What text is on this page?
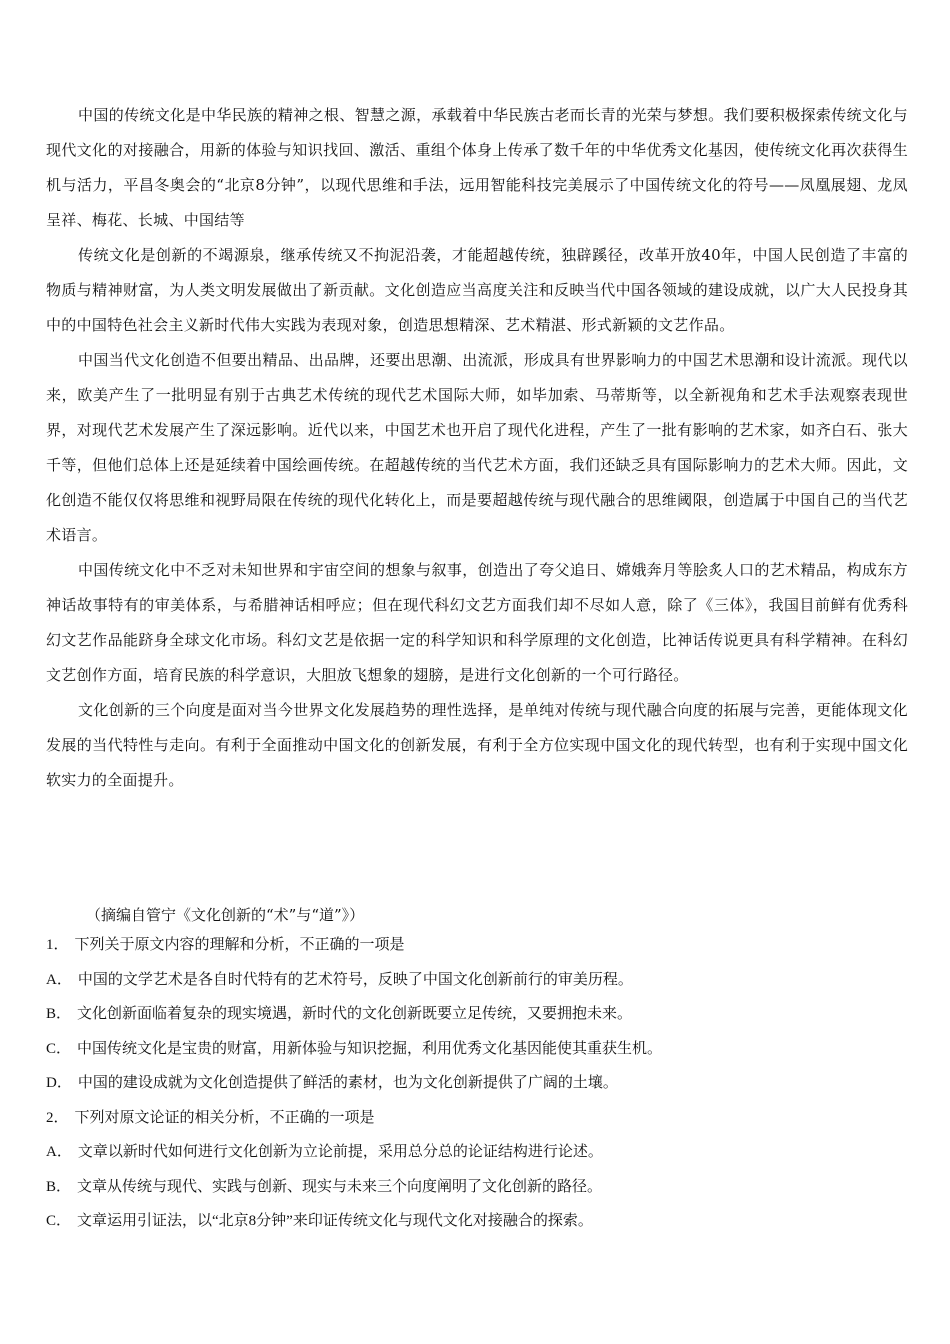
中国的传统文化是中华民族的精神之根、智慧之源，承载着中华民族古老而长青的光荣与梦想。我们要积极探索传统文化与现代文化的对接融合，用新的体验与知识找回、激活、重组个体身上传承了数千年的中华优秀文化基因，使传统文化再次获得生机与活力，平昌冬奥会的“北京8分钟”，以现代思维和手法，远用智能科技完美展示了中国传统文化的符号——凤凰展翅、龙凤呈祥、梅花、长城、中国结等

传统文化是创新的不竭源泉，继承传统又不拘泥沿袭，才能超越传统，独辟蹊径，改革开放40年，中国人民创造了丰富的物质与精神财富，为人类文明发展做出了新贡献。文化创造应当高度关注和反映当代中国各领域的建设成就，以广大人民投身其中的中国特色社会主义新时代伟大实践为表现对象，创造思想精深、艺术精湛、形式新颖的文艺作品。

中国当代文化创造不但要出精品、出品牌，还要出思潮、出流派，形成具有世界影响力的中国艺术思潮和设计流派。现代以来，欧美产生了一批明显有别于古典艺术传统的现代艺术国际大师，如毕加索、马蒂斯等，以全新视角和艺术手法观察表现世界，对现代艺术发展产生了深远影响。近代以来，中国艺术也开启了现代化进程，产生了一批有影响的艺术家，如齐白石、张大千等，但他们总体上还是延续着中国绘画传统。在超越传统的当代艺术方面，我们还缺乏具有国际影响力的艺术大师。因此，文化创造不能仅仅将思维和视野局限在传统的现代化转化上，而是要超越传统与现代融合的思维阈限，创造属于中国自己的当代艺术语言。

中国传统文化中不乏对未知世界和宇宙空间的想象与叙事，创造出了夸父追日、嫦娥奔月等脍炙人口的艺术精品，构成东方神话故事特有的审美体系，与希腊神话相呼应；但在现代科幻文艺方面我们却不尽如人意，除了《三体》，我国目前鲜有优秀科幻文艺作品能跻身全球文化市场。科幻文艺是依据一定的科学知识和科学原理的文化创造，比神话传说更具有科学精神。在科幻文艺创作方面，培育民族的科学意识，大胆放飞想象的翅膀，是进行文化创新的一个可行路径。

文化创新的三个向度是面对当今世界文化发展趋势的理性选择，是单纯对传统与现代融合向度的拓展与完善，更能体现文化发展的当代特性与走向。有利于全面推动中国文化的创新发展，有利于全方位实现中国文化的现代转型，也有利于实现中国文化软实力的全面提升。

（摘编自管宁《文化创新的“术”与“道”》）
1． 下列关于原文内容的理解和分析，不正确的一项是
A． 中国的文学艺术是各自时代特有的艺术符号，反映了中国文化创新前行的审美历程。
B． 文化创新面临着复杂的现实境遇，新时代的文化创新既要立足传统，又要拥抱未来。
C． 中国传统文化是宝贵的财富，用新体验与知识挖掘，利用优秀文化基因能使其重获生机。
D． 中国的建设成就为文化创造提供了鲜活的素材，也为文化创新提供了广阔的土壤。
2． 下列对原文论证的相关分析，不正确的一项是
A． 文章以新时代如何进行文化创新为立论前提，采用总分总的论证结构进行论述。
B． 文章从传统与现代、实践与创新、现实与未来三个向度阐明了文化创新的路径。
C． 文章运用引证法，以“北京8分钟”来印证传统文化与现代文化对接融合的探索。
